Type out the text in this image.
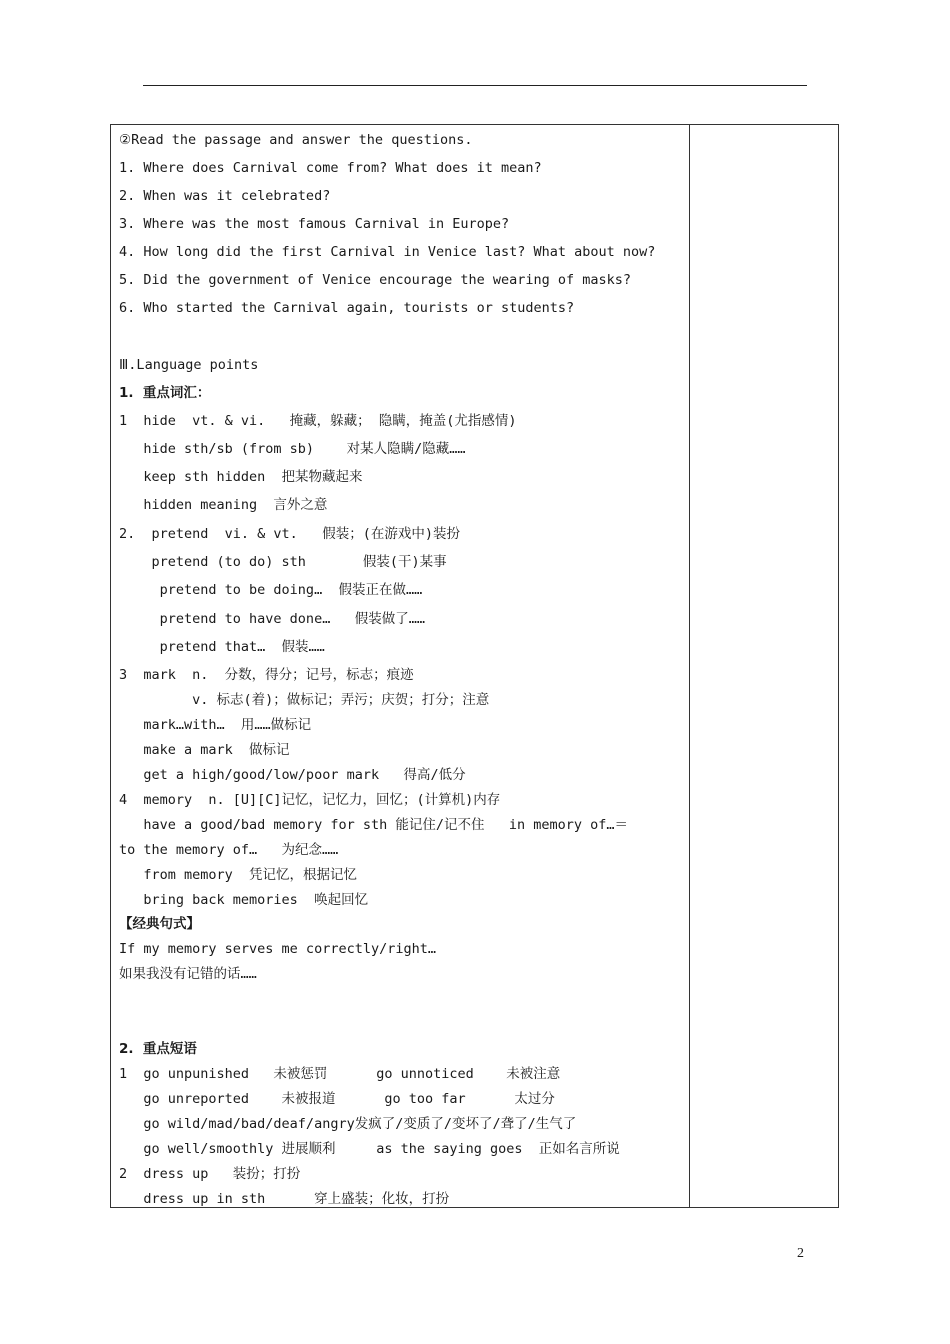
②Read the passage and answer the questions.
1. Where does Carnival come from? What does it mean?
2. When was it celebrated?
3. Where was the most famous Carnival in Europe?
4. How long did the first Carnival in Venice last? What about now?
5. Did the government of Venice encourage the wearing of masks?
6. Who started the Carnival again, tourists or students?
Ⅲ.Language points
1.  重点词汇：
1  hide  vt. & vi.   掩藏，躲藏； 隐瞒，掩盖(尤指感情)
hide sth/sb (from sb)    对某人隐瞒/隐藏……
keep sth hidden  把某物藏起来
hidden meaning  言外之意
2.  pretend  vi. & vt.   假装；(在游戏中)装扮
pretend (to do) sth       假装(干)某事
pretend to be doing…  假装正在做……
pretend to have done…   假装做了……
pretend that…  假装……
3  mark  n.  分数，得分；记号，标志；痕迹
v. 标志(着)；做标记；弄污；庆贺；打分；注意
mark…with…  用……做标记
make a mark  做标记
get a high/good/low/poor mark   得高/低分
4  memory  n. [U][C]记忆，记忆力，回忆；(计算机)内存
have a good/bad memory for sth 能记住/记不住   in memory of…＝
to the memory of…   为纪念……
from memory  凭记忆，根据记忆
bring back memories  唤起回忆
【经典句式】
If my memory serves me correctly/right…
如果我没有记错的话……
2.  重点短语
1  go unpunished   未被惩罚      go unnoticed    未被注意
go unreported    未被报道      go too far      太过分
go wild/mad/bad/deaf/angry发疯了/变质了/变坏了/聋了/生气了
go well/smoothly 进展顺利     as the saying goes  正如名言所说
2  dress up   装扮；打扮
dress up in sth      穿上盛装；化妆，打扮
2
